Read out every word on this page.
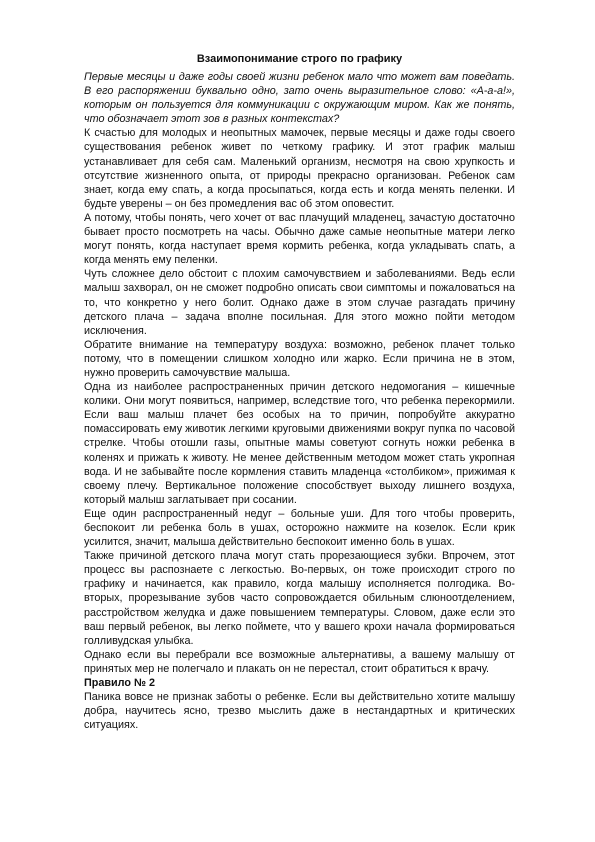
Взаимопонимание строго по графику

Первые месяцы и даже годы своей жизни ребенок мало что может вам поведать. В его распоряжении буквально одно, зато очень выразительное слово: «А-а-а!», которым он пользуется для коммуникации с окружающим миром. Как же понять, что обозначает этот зов в разных контекстах?

К счастью для молодых и неопытных мамочек, первые месяцы и даже годы своего существования ребенок живет по четкому графику. И этот график малыш устанавливает для себя сам. Маленький организм, несмотря на свою хрупкость и отсутствие жизненного опыта, от природы прекрасно организован. Ребенок сам знает, когда ему спать, а когда просыпаться, когда есть и когда менять пеленки. И будьте уверены – он без промедления вас об этом оповестит.

А потому, чтобы понять, чего хочет от вас плачущий младенец, зачастую достаточно бывает просто посмотреть на часы. Обычно даже самые неопытные матери легко могут понять, когда наступает время кормить ребенка, когда укладывать спать, а когда менять ему пеленки.

Чуть сложнее дело обстоит с плохим самочувствием и заболеваниями. Ведь если малыш захворал, он не сможет подробно описать свои симптомы и пожаловаться на то, что конкретно у него болит. Однако даже в этом случае разгадать причину детского плача – задача вполне посильная. Для этого можно пойти методом исключения.

Обратите внимание на температуру воздуха: возможно, ребенок плачет только потому, что в помещении слишком холодно или жарко. Если причина не в этом, нужно проверить самочувствие малыша.

Одна из наиболее распространенных причин детского недомогания – кишечные колики. Они могут появиться, например, вследствие того, что ребенка перекормили. Если ваш малыш плачет без особых на то причин, попробуйте аккуратно помассировать ему животик легкими круговыми движениями вокруг пупка по часовой стрелке. Чтобы отошли газы, опытные мамы советуют согнуть ножки ребенка в коленях и прижать к животу. Не менее действенным методом может стать укропная вода. И не забывайте после кормления ставить младенца «столбиком», прижимая к своему плечу. Вертикальное положение способствует выходу лишнего воздуха, который малыш заглатывает при сосании.

Еще один распространенный недуг – больные уши. Для того чтобы проверить, беспокоит ли ребенка боль в ушах, осторожно нажмите на козелок. Если крик усилится, значит, малыша действительно беспокоит именно боль в ушах.

Также причиной детского плача могут стать прорезающиеся зубки. Впрочем, этот процесс вы распознаете с легкостью. Во-первых, он тоже происходит строго по графику и начинается, как правило, когда малышу исполняется полгодика. Во-вторых, прорезывание зубов часто сопровождается обильным слюноотделением, расстройством желудка и даже повышением температуры. Словом, даже если это ваш первый ребенок, вы легко поймете, что у вашего крохи начала формироваться голливудская улыбка.

Однако если вы перебрали все возможные альтернативы, а вашему малышу от принятых мер не полегчало и плакать он не перестал, стоит обратиться к врачу.

Правило № 2

Паника вовсе не признак заботы о ребенке. Если вы действительно хотите малышу добра, научитесь ясно, трезво мыслить даже в нестандартных и критических ситуациях.
